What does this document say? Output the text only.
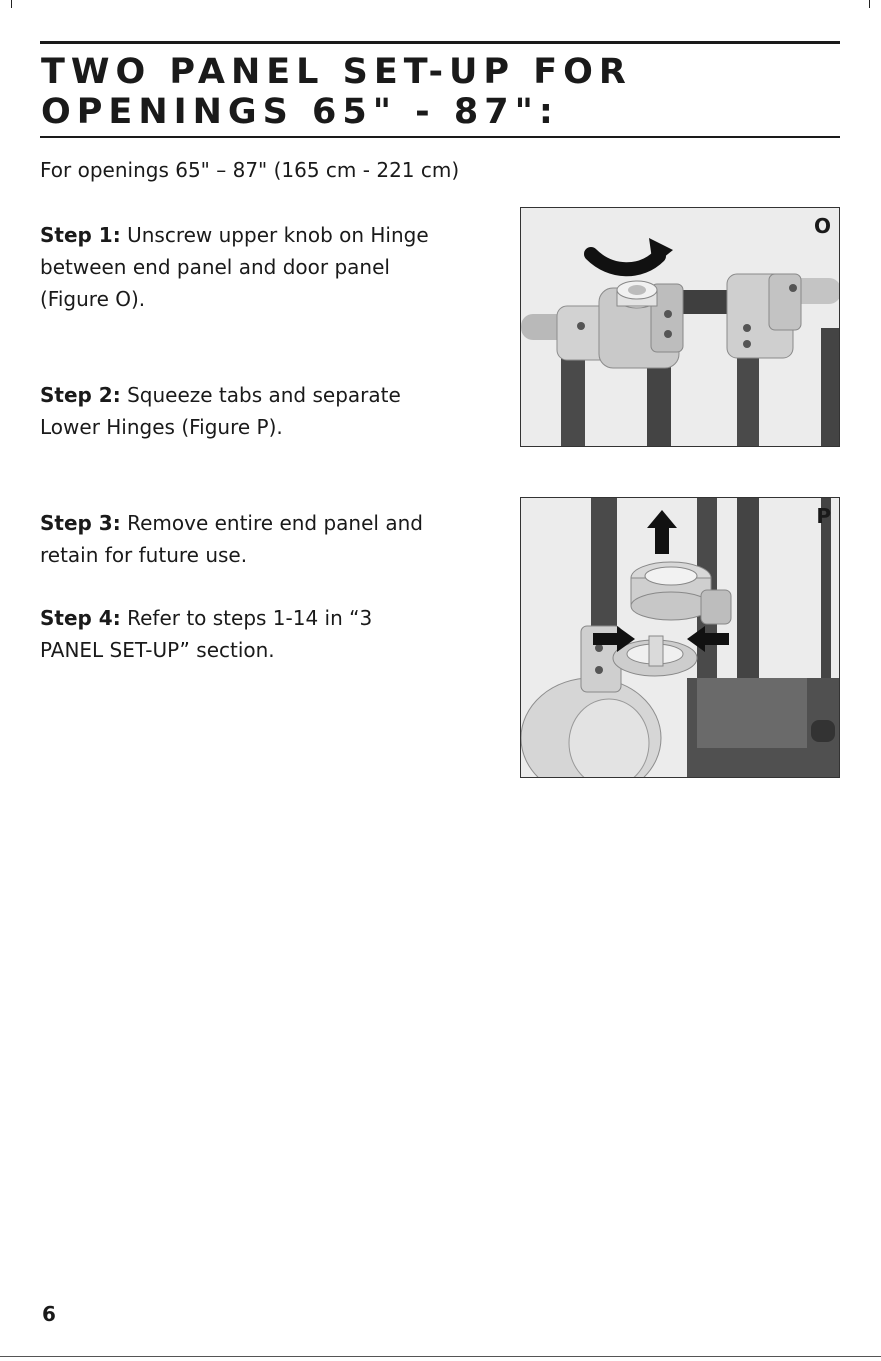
TWO PANEL SET-UP FOR
OPENINGS 65" - 87":

For openings 65" – 87" (165 cm - 221 cm)

Step 1: Unscrew upper knob on Hinge between end panel and door panel (Figure O).

Step 2: Squeeze tabs and separate Lower Hinges (Figure P).

Step 3: Remove entire end panel and retain for future use.

Step 4: Refer to steps 1-14 in “3 PANEL SET-UP” section.

O
P
6
